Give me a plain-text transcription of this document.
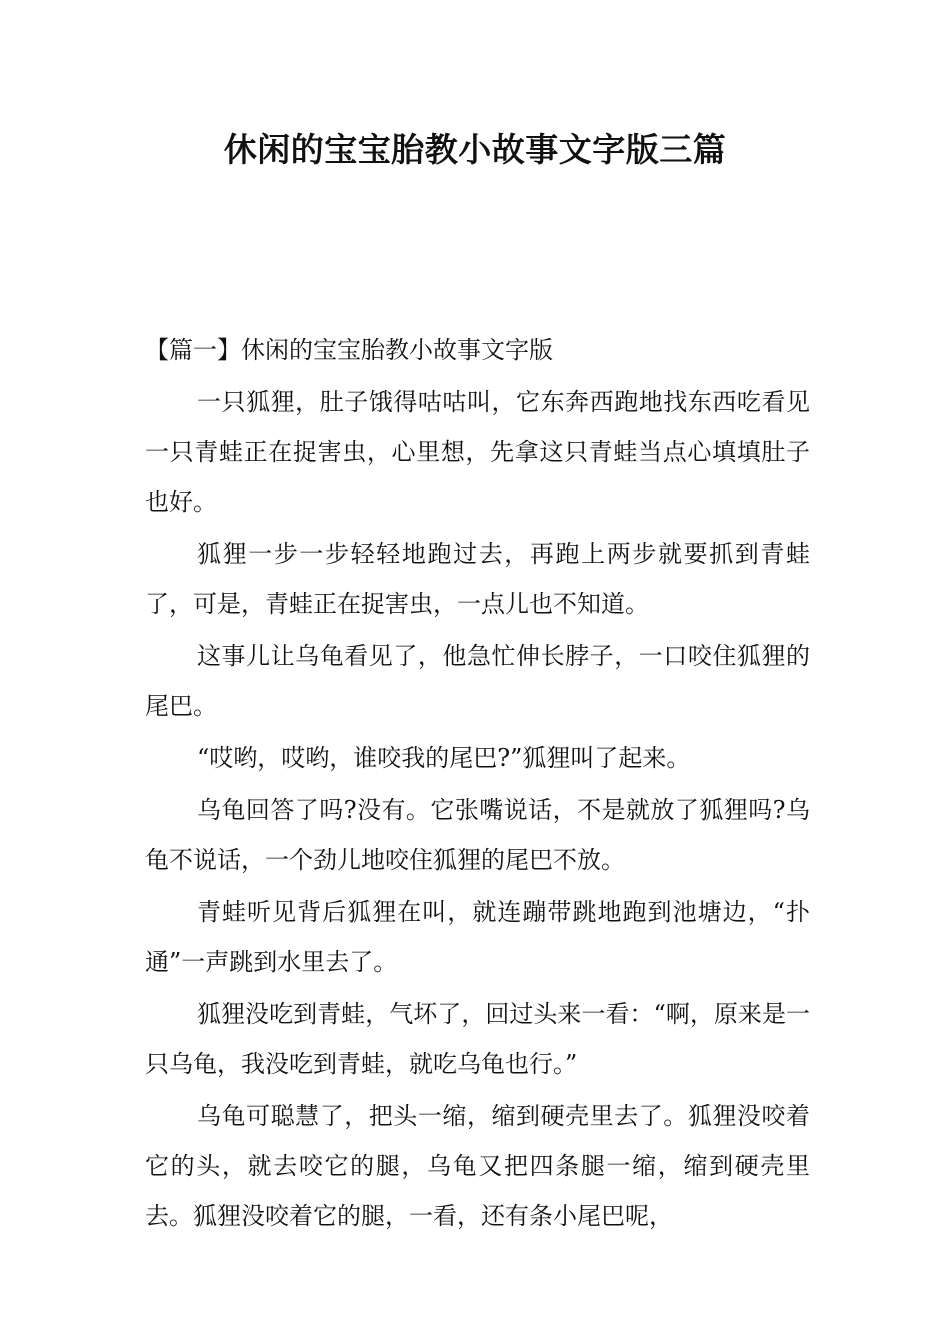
休闲的宝宝胎教小故事文字版三篇

【篇一】休闲的宝宝胎教小故事文字版

一只狐狸，肚子饿得咕咕叫，它东奔西跑地找东西吃看见一只青蛙正在捉害虫，心里想，先拿这只青蛙当点心填填肚子也好。

狐狸一步一步轻轻地跑过去，再跑上两步就要抓到青蛙了，可是，青蛙正在捉害虫，一点儿也不知道。

这事儿让乌龟看见了，他急忙伸长脖子，一口咬住狐狸的尾巴。

“哎哟，哎哟，谁咬我的尾巴?”狐狸叫了起来。

乌龟回答了吗?没有。它张嘴说话，不是就放了狐狸吗?乌龟不说话，一个劲儿地咬住狐狸的尾巴不放。

青蛙听见背后狐狸在叫，就连蹦带跳地跑到池塘边，“扑通”一声跳到水里去了。

狐狸没吃到青蛙，气坏了，回过头来一看：“啊，原来是一只乌龟，我没吃到青蛙，就吃乌龟也行。”

乌龟可聪慧了，把头一缩，缩到硬壳里去了。狐狸没咬着它的头，就去咬它的腿，乌龟又把四条腿一缩，缩到硬壳里去。狐狸没咬着它的腿，一看，还有条小尾巴呢，
